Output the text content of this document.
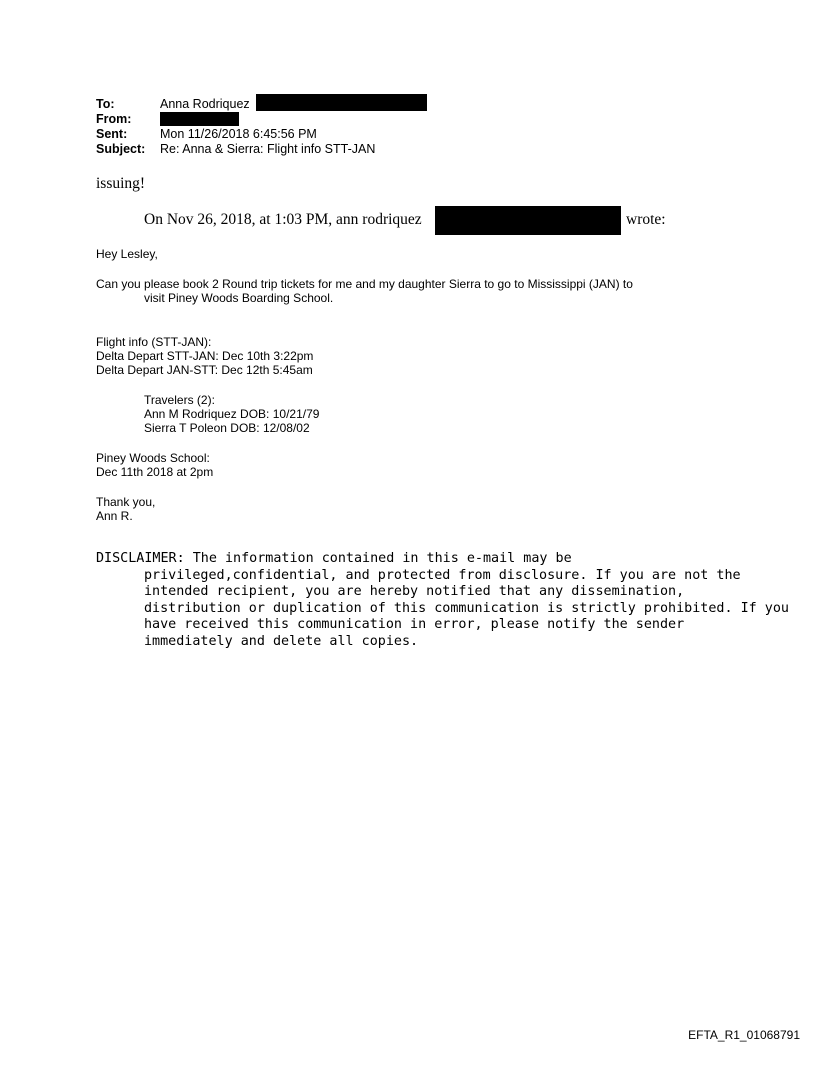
To:	Anna Rodriquez
From:
Sent:	Mon 11/26/2018 6:45:56 PM
Subject: Re: Anna & Sierra: Flight info STT-JAN
issuing!
On Nov 26, 2018, at 1:03 PM, ann rodriquez	wrote:
Hey Lesley,
Can you please book 2 Round trip tickets for me and my daughter Sierra to go to Mississippi (JAN) to
visit Piney Woods Boarding School.
Flight info (STT-JAN):
Delta Depart STT-JAN: Dec 10th 3:22pm
Delta Depart JAN-STT: Dec 12th 5:45am
Travelers (2):
Ann M Rodriquez DOB: 10/21/79
Sierra T Poleon DOB: 12/08/02
Piney Woods School:
Dec 11th 2018 at 2pm
Thank you,
Ann R.
DISCLAIMER: The information contained in this e-mail may be
privileged,confidential, and protected from disclosure. If you are not the
intended recipient, you are hereby notified that any dissemination,
distribution or duplication of this communication is strictly prohibited. If you
have received this communication in error, please notify the sender
immediately and delete all copies.
EFTA_R1_01068791
